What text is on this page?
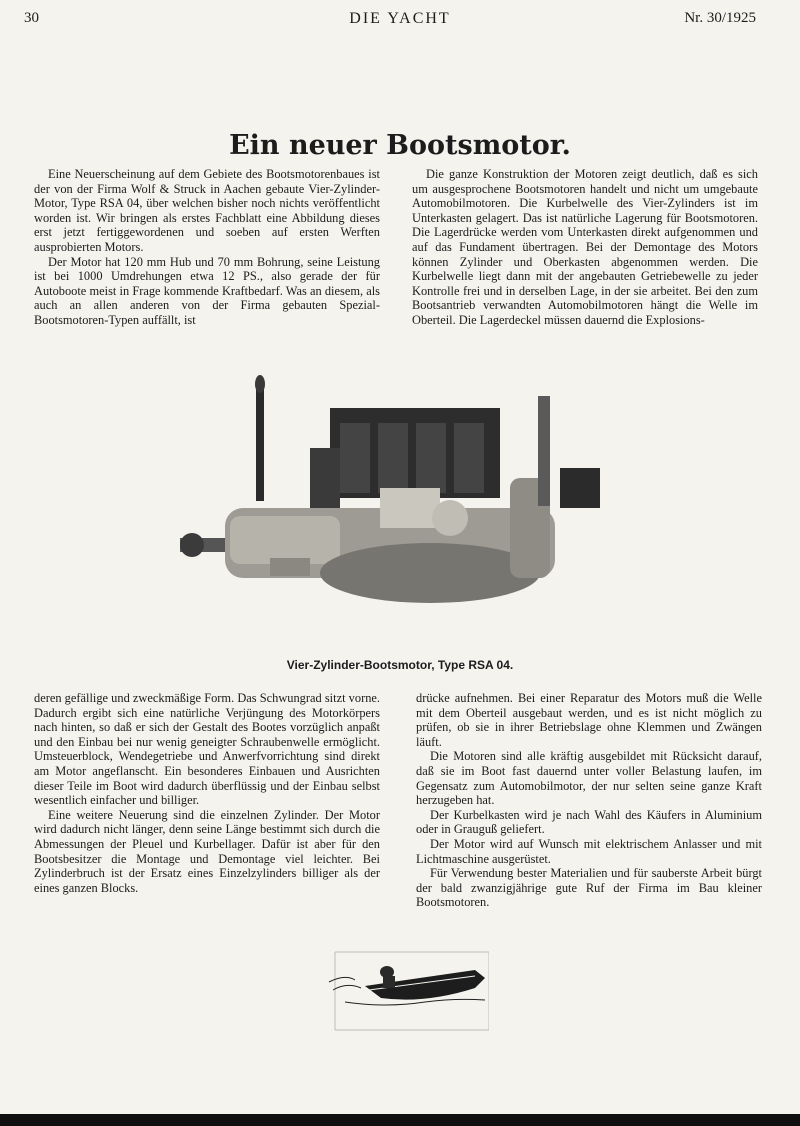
30	DIE YACHT	Nr. 30/1925
Ein neuer Bootsmotor.

Eine Neuerscheinung auf dem Gebiete des Bootsmotorenbaues ist der von der Firma Wolf & Struck in Aachen gebaute Vier-Zylinder-Motor, Type RSA 04, über welchen bisher noch nichts veröffentlicht worden ist. Wir bringen als erstes Fachblatt eine Abbildung dieses erst jetzt fertiggewordenen und soeben auf ersten Werften ausprobierten Motors.

Der Motor hat 120 mm Hub und 70 mm Bohrung, seine Leistung ist bei 1000 Umdrehungen etwa 12 PS., also gerade der für Autoboote meist in Frage kommende Kraftbedarf. Was an diesem, als auch an allen anderen von der Firma gebauten Spezial-Bootsmotoren-Typen auffällt, ist

Die ganze Konstruktion der Motoren zeigt deutlich, daß es sich um ausgesprochene Bootsmotoren handelt und nicht um umgebaute Automobilmotoren. Die Kurbelwelle des Vier-Zylinders ist im Unterkasten gelagert. Das ist natürliche Lagerung für Bootsmotoren. Die Lagerdrücke werden vom Unterkasten direkt aufgenommen und auf das Fundament übertragen. Bei der Demontage des Motors können Zylinder und Oberkasten abgenommen werden. Die Kurbelwelle liegt dann mit der angebauten Getriebewelle zu jeder Kontrolle frei und in derselben Lage, in der sie arbeitet. Bei den zum Bootsantrieb verwandten Automobilmotoren hängt die Welle im Oberteil. Die Lagerdeckel müssen dauernd die Explosions-

Vier-Zylinder-Bootsmotor, Type RSA 04.

deren gefällige und zweckmäßige Form. Das Schwungrad sitzt vorne. Dadurch ergibt sich eine natürliche Verjüngung des Motorkörpers nach hinten, so daß er sich der Gestalt des Bootes vorzüglich anpaßt und den Einbau bei nur wenig geneigter Schraubenwelle ermöglicht. Umsteuerblock, Wendegetriebe und Anwerfvorrichtung sind direkt am Motor angeflanscht. Ein besonderes Einbauen und Ausrichten dieser Teile im Boot wird dadurch überflüssig und der Einbau selbst wesentlich einfacher und billiger.

Eine weitere Neuerung sind die einzelnen Zylinder. Der Motor wird dadurch nicht länger, denn seine Länge bestimmt sich durch die Abmessungen der Pleuel und Kurbellager. Dafür ist aber für den Bootsbesitzer die Montage und Demontage viel leichter. Bei Zylinderbruch ist der Ersatz eines Einzelzylinders billiger als der eines ganzen Blocks.

drücke aufnehmen. Bei einer Reparatur des Motors muß die Welle mit dem Oberteil ausgebaut werden, und es ist nicht möglich zu prüfen, ob sie in ihrer Betriebslage ohne Klemmen und Zwängen läuft.

Die Motoren sind alle kräftig ausgebildet mit Rücksicht darauf, daß sie im Boot fast dauernd unter voller Belastung laufen, im Gegensatz zum Automobilmotor, der nur selten seine ganze Kraft herzugeben hat.

Der Kurbelkasten wird je nach Wahl des Käufers in Aluminium oder in Grauguß geliefert.

Der Motor wird auf Wunsch mit elektrischem Anlasser und mit Lichtmaschine ausgerüstet.

Für Verwendung bester Materialien und für sauberste Arbeit bürgt der bald zwanzigjährige gute Ruf der Firma im Bau kleiner Bootsmotoren.
